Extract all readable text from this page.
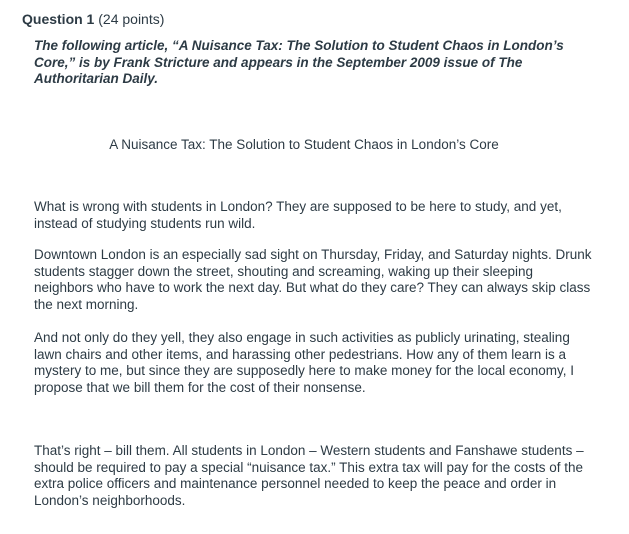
Question 1 (24 points)
The following article, “A Nuisance Tax: The Solution to Student Chaos in London’s Core,” is by Frank Stricture and appears in the September 2009 issue of The Authoritarian Daily.
A Nuisance Tax: The Solution to Student Chaos in London’s Core

What is wrong with students in London? They are supposed to be here to study, and yet, instead of studying students run wild.

Downtown London is an especially sad sight on Thursday, Friday, and Saturday nights. Drunk students stagger down the street, shouting and screaming, waking up their sleeping neighbors who have to work the next day. But what do they care? They can always skip class the next morning.

And not only do they yell, they also engage in such activities as publicly urinating, stealing lawn chairs and other items, and harassing other pedestrians. How any of them learn is a mystery to me, but since they are supposedly here to make money for the local economy, I propose that we bill them for the cost of their nonsense.

That’s right – bill them. All students in London – Western students and Fanshawe students – should be required to pay a special “nuisance tax.” This extra tax will pay for the costs of the extra police officers and maintenance personnel needed to keep the peace and order in London’s neighborhoods.
